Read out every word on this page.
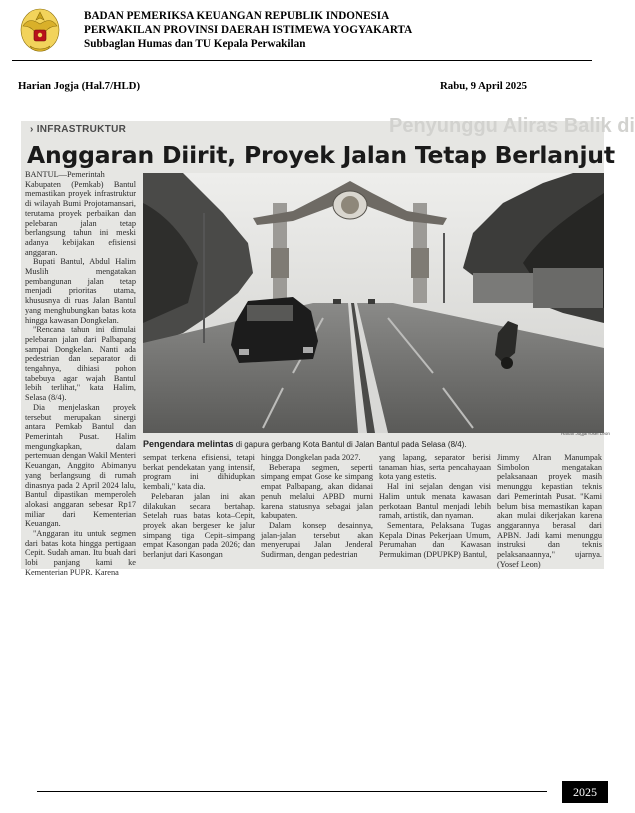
BADAN PEMERIKSA KEUANGAN REPUBLIK INDONESIA
PERWAKILAN PROVINSI DAERAH ISTIMEWA YOGYAKARTA
Subbaglan Humas dan TU Kepala Perwakilan
Harian Jogja (Hal.7/HLD)	Rabu, 9 April 2025
Penyunggu Aliras Balik di
› INFRASTRUKTUR
Anggaran Diirit, Proyek Jalan Tetap Berlanjut

BANTUL—Pemerintah Kabupaten (Pemkab) Bantul memastikan proyek infrastruktur di wilayah Bumi Projotamansari, terutama proyek perbaikan dan pelebaran jalan tetap berlangsung tahun ini meski adanya kebijakan efisiensi anggaran.

Bupati Bantul, Abdul Halim Muslih mengatakan pembangunan jalan tetap menjadi prioritas utama, khususnya di ruas Jalan Bantul yang menghubungkan batas kota hingga kawasan Dongkelan.

"Rencana tahun ini dimulai pelebaran jalan dari Palbapang sampai Dongkelan. Nanti ada pedestrian dan separator di tengahnya, dihiasi pohon tabebuya agar wajah Bantul lebih terlihat," kata Halim, Selasa (8/4).

Dia menjelaskan proyek tersebut merupakan sinergi antara Pemkab Bantul dan Pemerintah Pusat. Halim mengungkapkan, dalam pertemuan dengan Wakil Menteri Keuangan, Anggito Abimanyu yang berlangsung di rumah dinasnya pada 2 April 2024 lalu, Bantul dipastikan memperoleh alokasi anggaran sebesar Rp17 miliar dari Kementerian Keuangan.

"Anggaran itu untuk segmen dari batas kota hingga pertigaan Cepit. Sudah aman. Itu buah dari lobi panjang kami ke Kementerian PUPR. Karena

Harian Jogja/Yosef Leon
Pengendara melintas di gapura gerbang Kota Bantul di Jalan Bantul pada Selasa (8/4).

sempat terkena efisiensi, tetapi berkat pendekatan yang intensif, program ini dihidupkan kembali," kata dia.

Pelebaran jalan ini akan dilakukan secara bertahap. Setelah ruas batas kota–Cepit, proyek akan bergeser ke jalur simpang tiga Cepit–simpang empat Kasongan pada 2026; dan berlanjut dari Kasongan

hingga Dongkelan pada 2027.

Beberapa segmen, seperti simpang empat Gose ke simpang empat Palbapang, akan didanai penuh melalui APBD murni karena statusnya sebagai jalan kabupaten.

Dalam konsep desainnya, jalan-jalan tersebut akan menyerupai Jalan Jenderal Sudirman, dengan pedestrian

yang lapang, separator berisi tanaman hias, serta pencahayaan kota yang estetis.

Hal ini sejalan dengan visi Halim untuk menata kawasan perkotaan Bantul menjadi lebih ramah, artistik, dan nyaman.

Sementara, Pelaksana Tugas Kepala Dinas Pekerjaan Umum, Perumahan dan Kawasan Permukiman (DPUPKP) Bantul,

Jimmy Alran Manumpak Simbolon mengatakan pelaksanaan proyek masih menunggu kepastian teknis dari Pemerintah Pusat. "Kami belum bisa memastikan kapan akan mulai dikerjakan karena anggarannya berasal dari APBN. Jadi kami menunggu instruksi dan teknis pelaksanaannya," ujarnya. (Yosef Leon)

2025
